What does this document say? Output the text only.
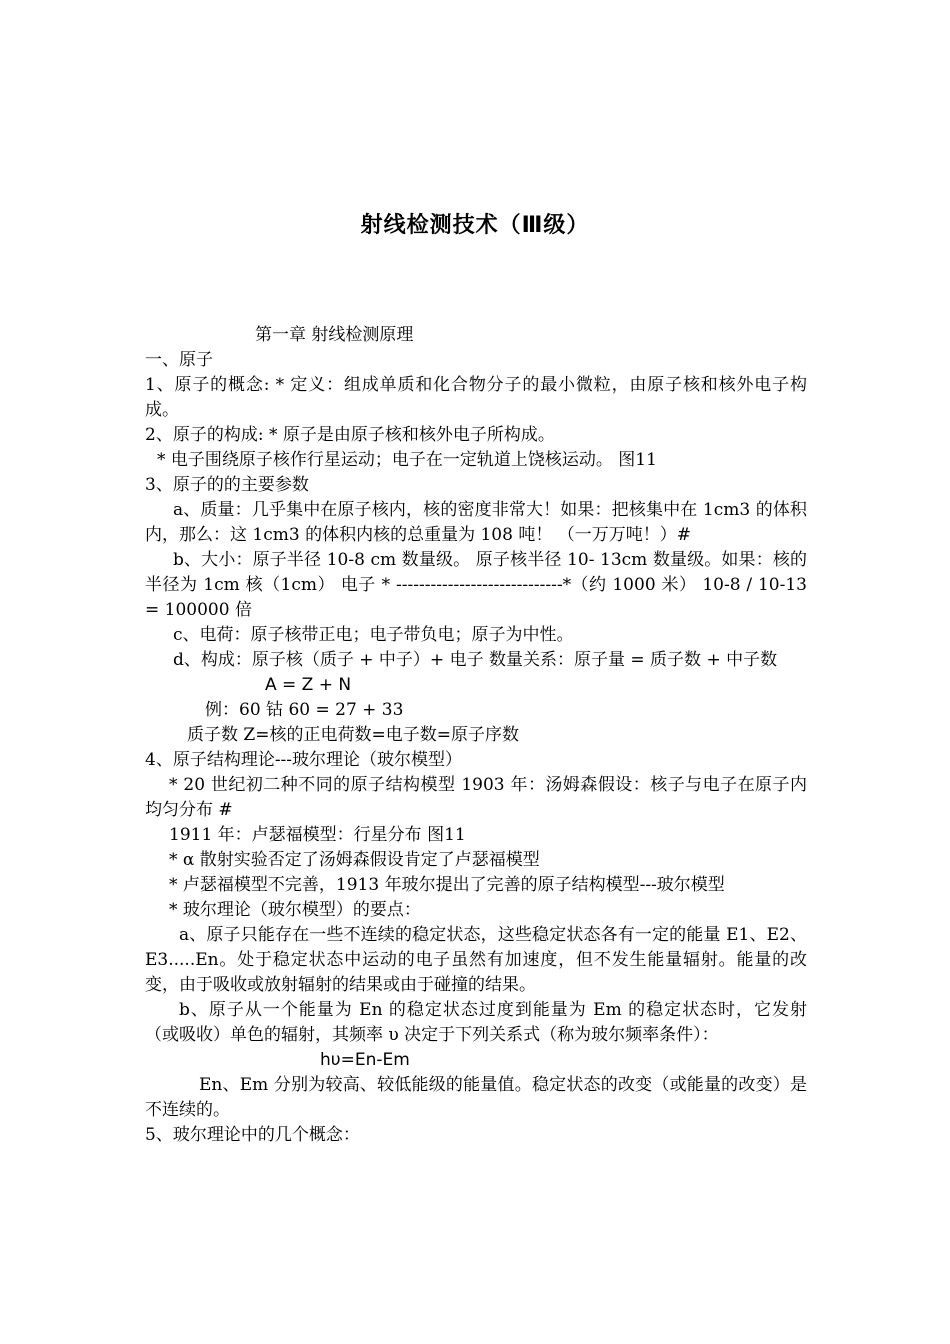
射线检测技术（Ⅲ级）

第一章 射线检测原理

一、原子

1、原子的概念: * 定义：组成单质和化合物分子的最小微粒，由原子核和核外电子构成。

2、原子的构成: * 原子是由原子核和核外电子所构成。

* 电子围绕原子核作行星运动；电子在一定轨道上饶核运动。 图11

3、原子的的主要参数

a、质量：几乎集中在原子核内，核的密度非常大！如果：把核集中在 1cm3 的体积内，那么：这 1cm3 的体积内核的总重量为 108 吨！ （一万万吨！）#

b、大小：原子半径 10-8 cm 数量级。 原子核半径 10- 13cm 数量级。如果：核的半径为 1cm 核（1cm） 电子 * -----------------------------*（约 1000 米） 10-8 / 10-13 = 100000 倍

c、电荷：原子核带正电；电子带负电；原子为中性。

d、构成：原子核（质子 + 中子）+ 电子 数量关系：原子量 = 质子数 + 中子数

A = Z + N

例：60 钴 60 = 27 + 33

质子数 Z=核的正电荷数=电子数=原子序数

4、原子结构理论---玻尔理论（玻尔模型）

* 20 世纪初二种不同的原子结构模型 1903 年：汤姆森假设：核子与电子在原子内均匀分布 #

1911 年：卢瑟福模型：行星分布 图11

* α 散射实验否定了汤姆森假设肯定了卢瑟福模型

* 卢瑟福模型不完善，1913 年玻尔提出了完善的原子结构模型---玻尔模型

* 玻尔理论（玻尔模型）的要点：

a、原子只能存在一些不连续的稳定状态，这些稳定状态各有一定的能量 E1、E2、E3.....En。处于稳定状态中运动的电子虽然有加速度，但不发生能量辐射。能量的改变，由于吸收或放射辐射的结果或由于碰撞的结果。

b、原子从一个能量为 En 的稳定状态过度到能量为 Em 的稳定状态时，它发射（或吸收）单色的辐射，其频率 υ 决定于下列关系式（称为玻尔频率条件）：

hυ=En-Em

En、Em 分别为较高、较低能级的能量值。稳定状态的改变（或能量的改变）是不连续的。

5、玻尔理论中的几个概念：
